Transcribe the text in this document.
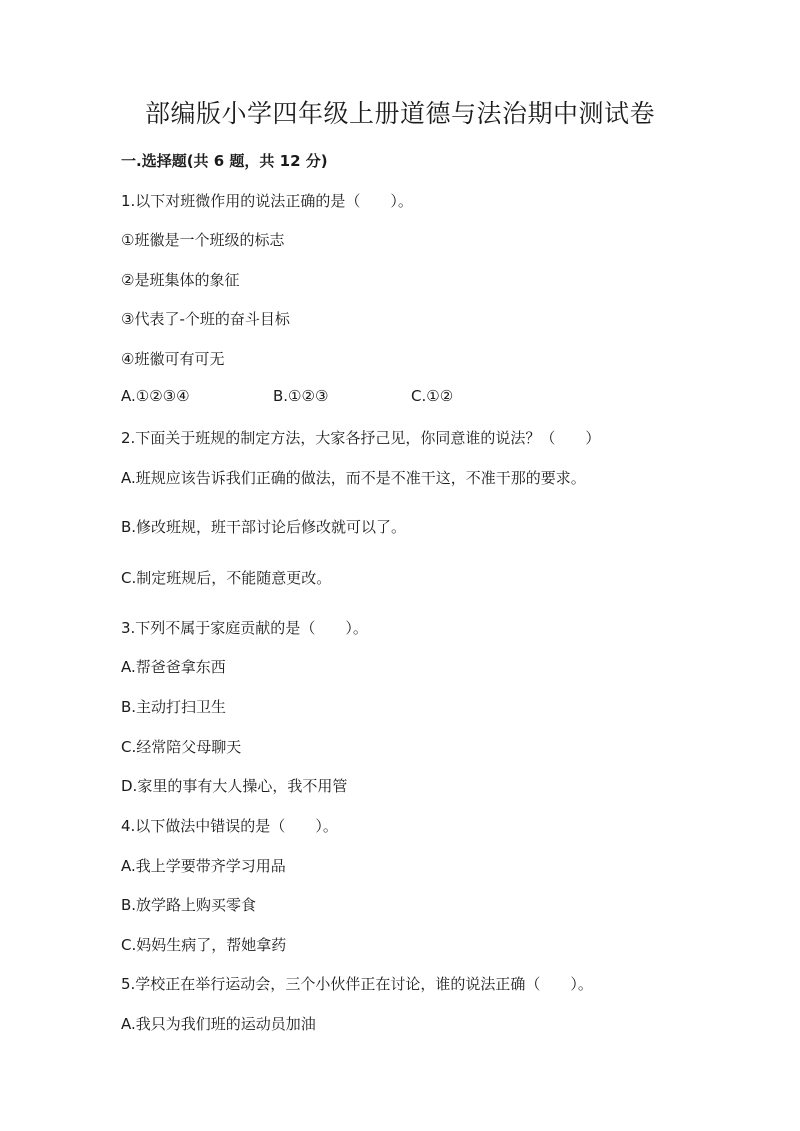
部编版小学四年级上册道德与法治期中测试卷
一.选择题(共 6 题，共 12 分)
1.以下对班微作用的说法正确的是（　　）。
①班徽是一个班级的标志
②是班集体的象征
③代表了-个班的奋斗目标
④班徽可有可无
A.①②③④	B.①②③	C.①②
2.下面关于班规的制定方法，大家各抒己见，你同意谁的说法？（　　）
A.班规应该告诉我们正确的做法，而不是不准干这，不准干那的要求。
B.修改班规，班干部讨论后修改就可以了。
C.制定班规后，不能随意更改。
3.下列不属于家庭贡献的是（　　）。
A.帮爸爸拿东西
B.主动打扫卫生
C.经常陪父母聊天
D.家里的事有大人操心，我不用管
4.以下做法中错误的是（　　）。
A.我上学要带齐学习用品
B.放学路上购买零食
C.妈妈生病了，帮她拿药
5.学校正在举行运动会，三个小伙伴正在讨论，谁的说法正确（　　）。
A.我只为我们班的运动员加油
